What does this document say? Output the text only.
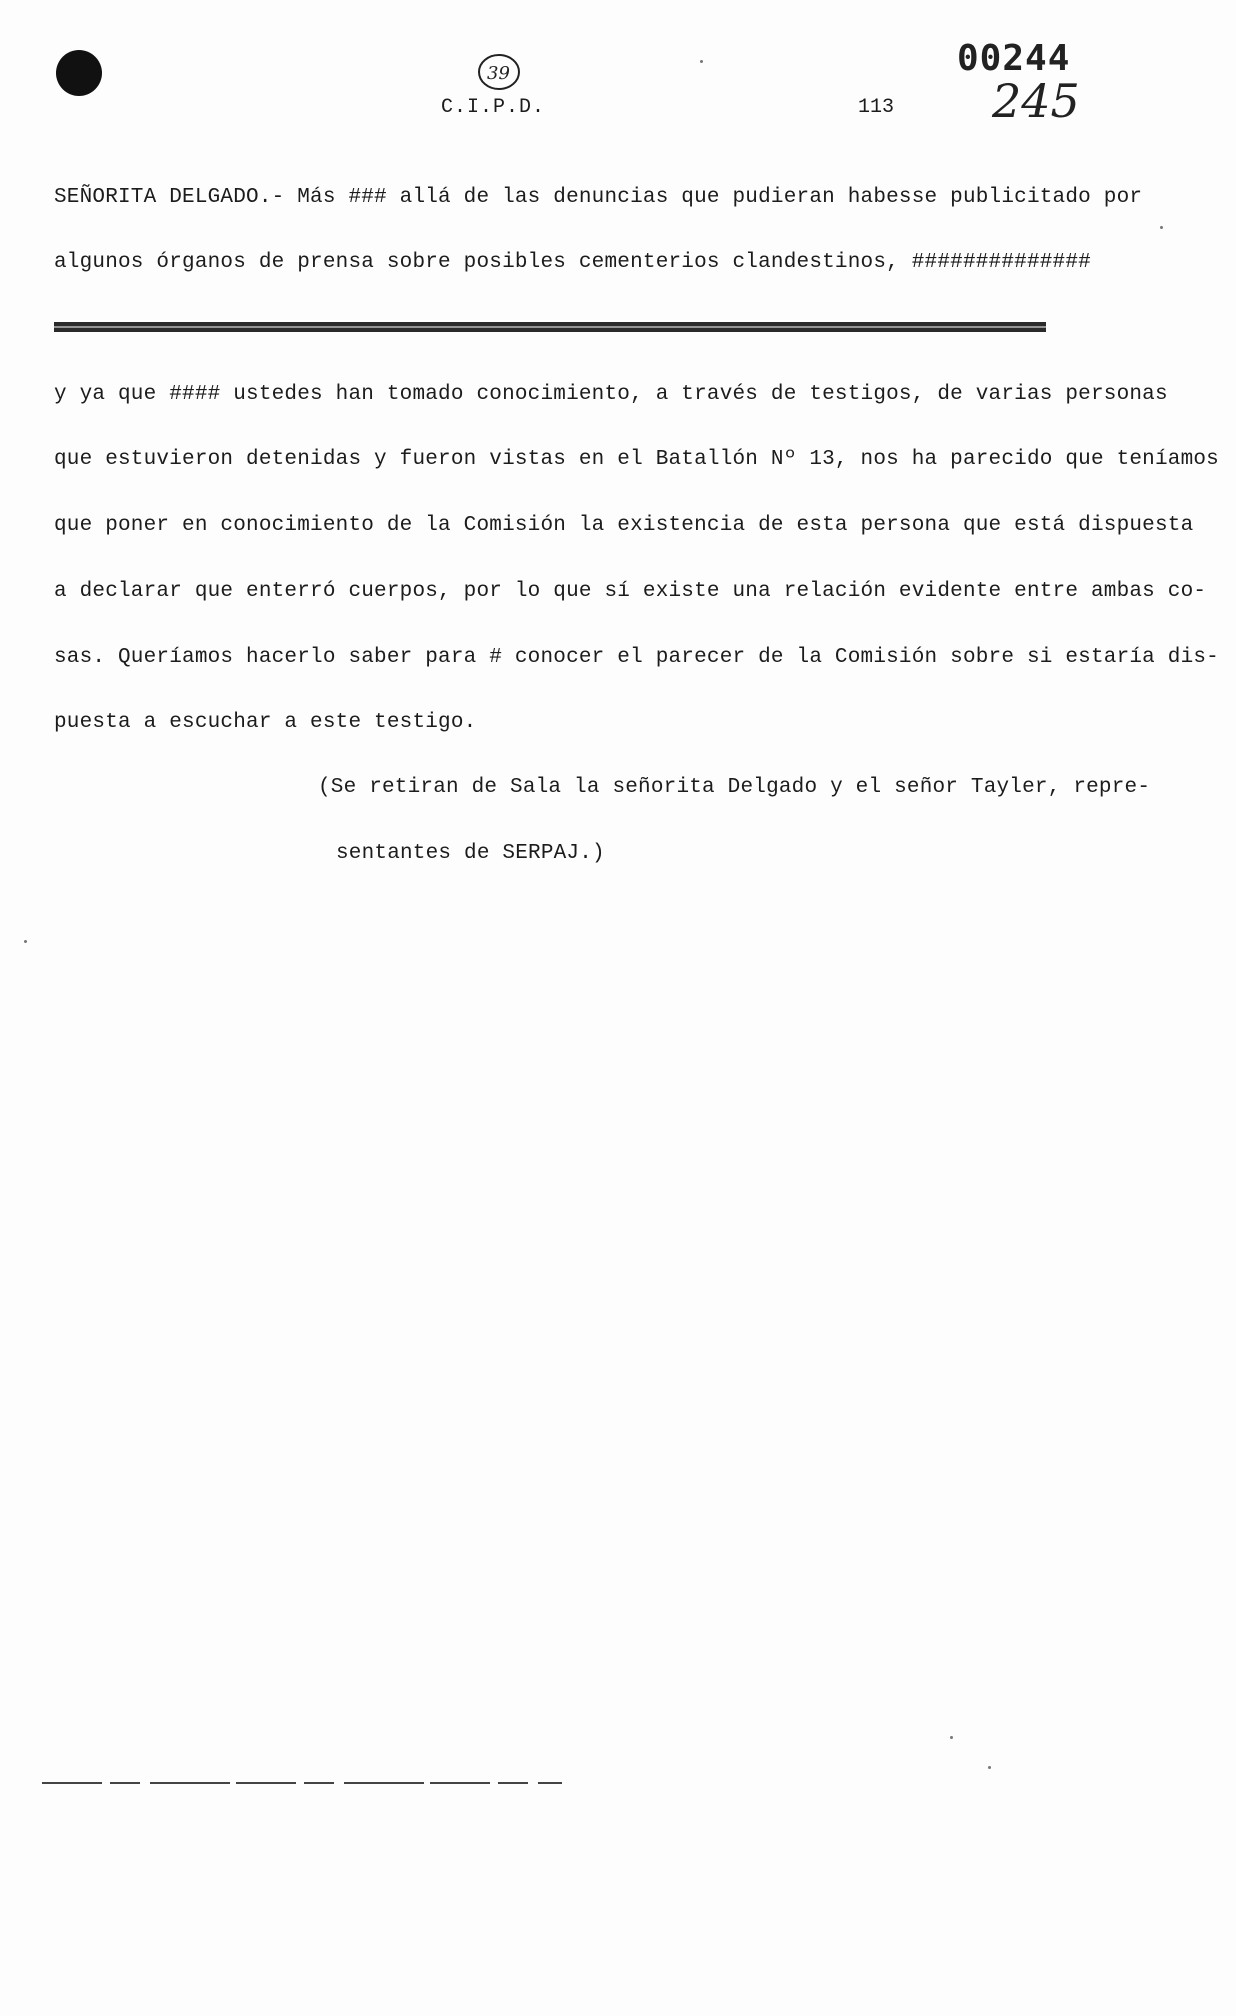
39
C.I.P.D.	113
00244
245
SEÑORITA DELGADO.- Más ### allá de las denuncias que pudieran habesse publicitado por
algunos órganos de prensa sobre posibles cementerios clandestinos, ##############
y ya que #### ustedes han tomado conocimiento, a través de testigos, de varias personas
que estuvieron detenidas y fueron vistas en el Batallón Nº 13, nos ha parecido que teníamos
que poner en conocimiento de la Comisión la existencia de esta persona que está dispuesta
a declarar que enterró cuerpos, por lo que sí existe una relación evidente entre ambas co-
sas. Queríamos hacerlo saber para # conocer el parecer de la Comisión sobre si estaría dis-
puesta a escuchar a este testigo.
(Se retiran de Sala la señorita Delgado y el señor Tayler, repre-
sentantes de SERPAJ.)
